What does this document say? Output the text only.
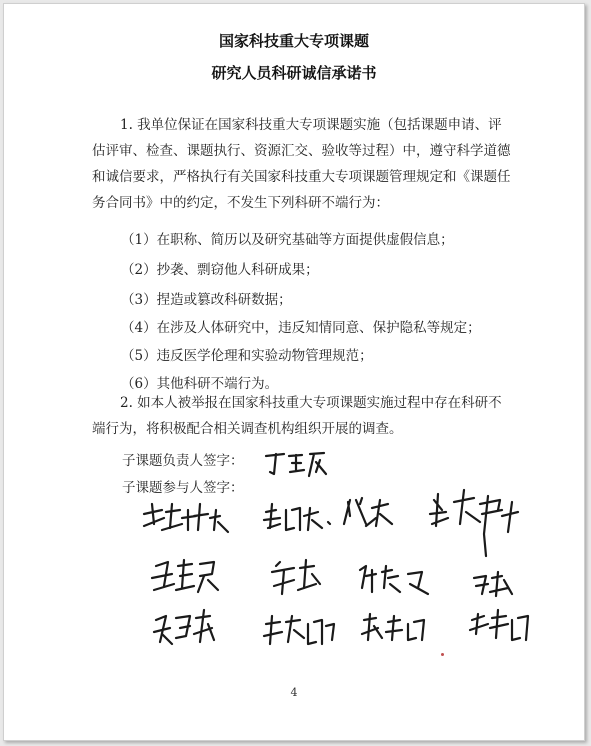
国家科技重大专项课题
研究人员科研诚信承诺书
1. 我单位保证在国家科技重大专项课题实施（包括课题申请、评估评审、检查、课题执行、资源汇交、验收等过程）中，遵守科学道德和诚信要求，严格执行有关国家科技重大专项课题管理规定和《课题任务合同书》中的约定，不发生下列科研不端行为：
（1）在职称、简历以及研究基础等方面提供虚假信息；
（2）抄袭、剽窃他人科研成果；
（3）捏造或篡改科研数据；
（4）在涉及人体研究中，违反知情同意、保护隐私等规定；
（5）违反医学伦理和实验动物管理规范；
（6）其他科研不端行为。
2. 如本人被举报在国家科技重大专项课题实施过程中存在科研不端行为，将积极配合相关调查机构组织开展的调查。
子课题负责人签字：
子课题参与人签字：
4
